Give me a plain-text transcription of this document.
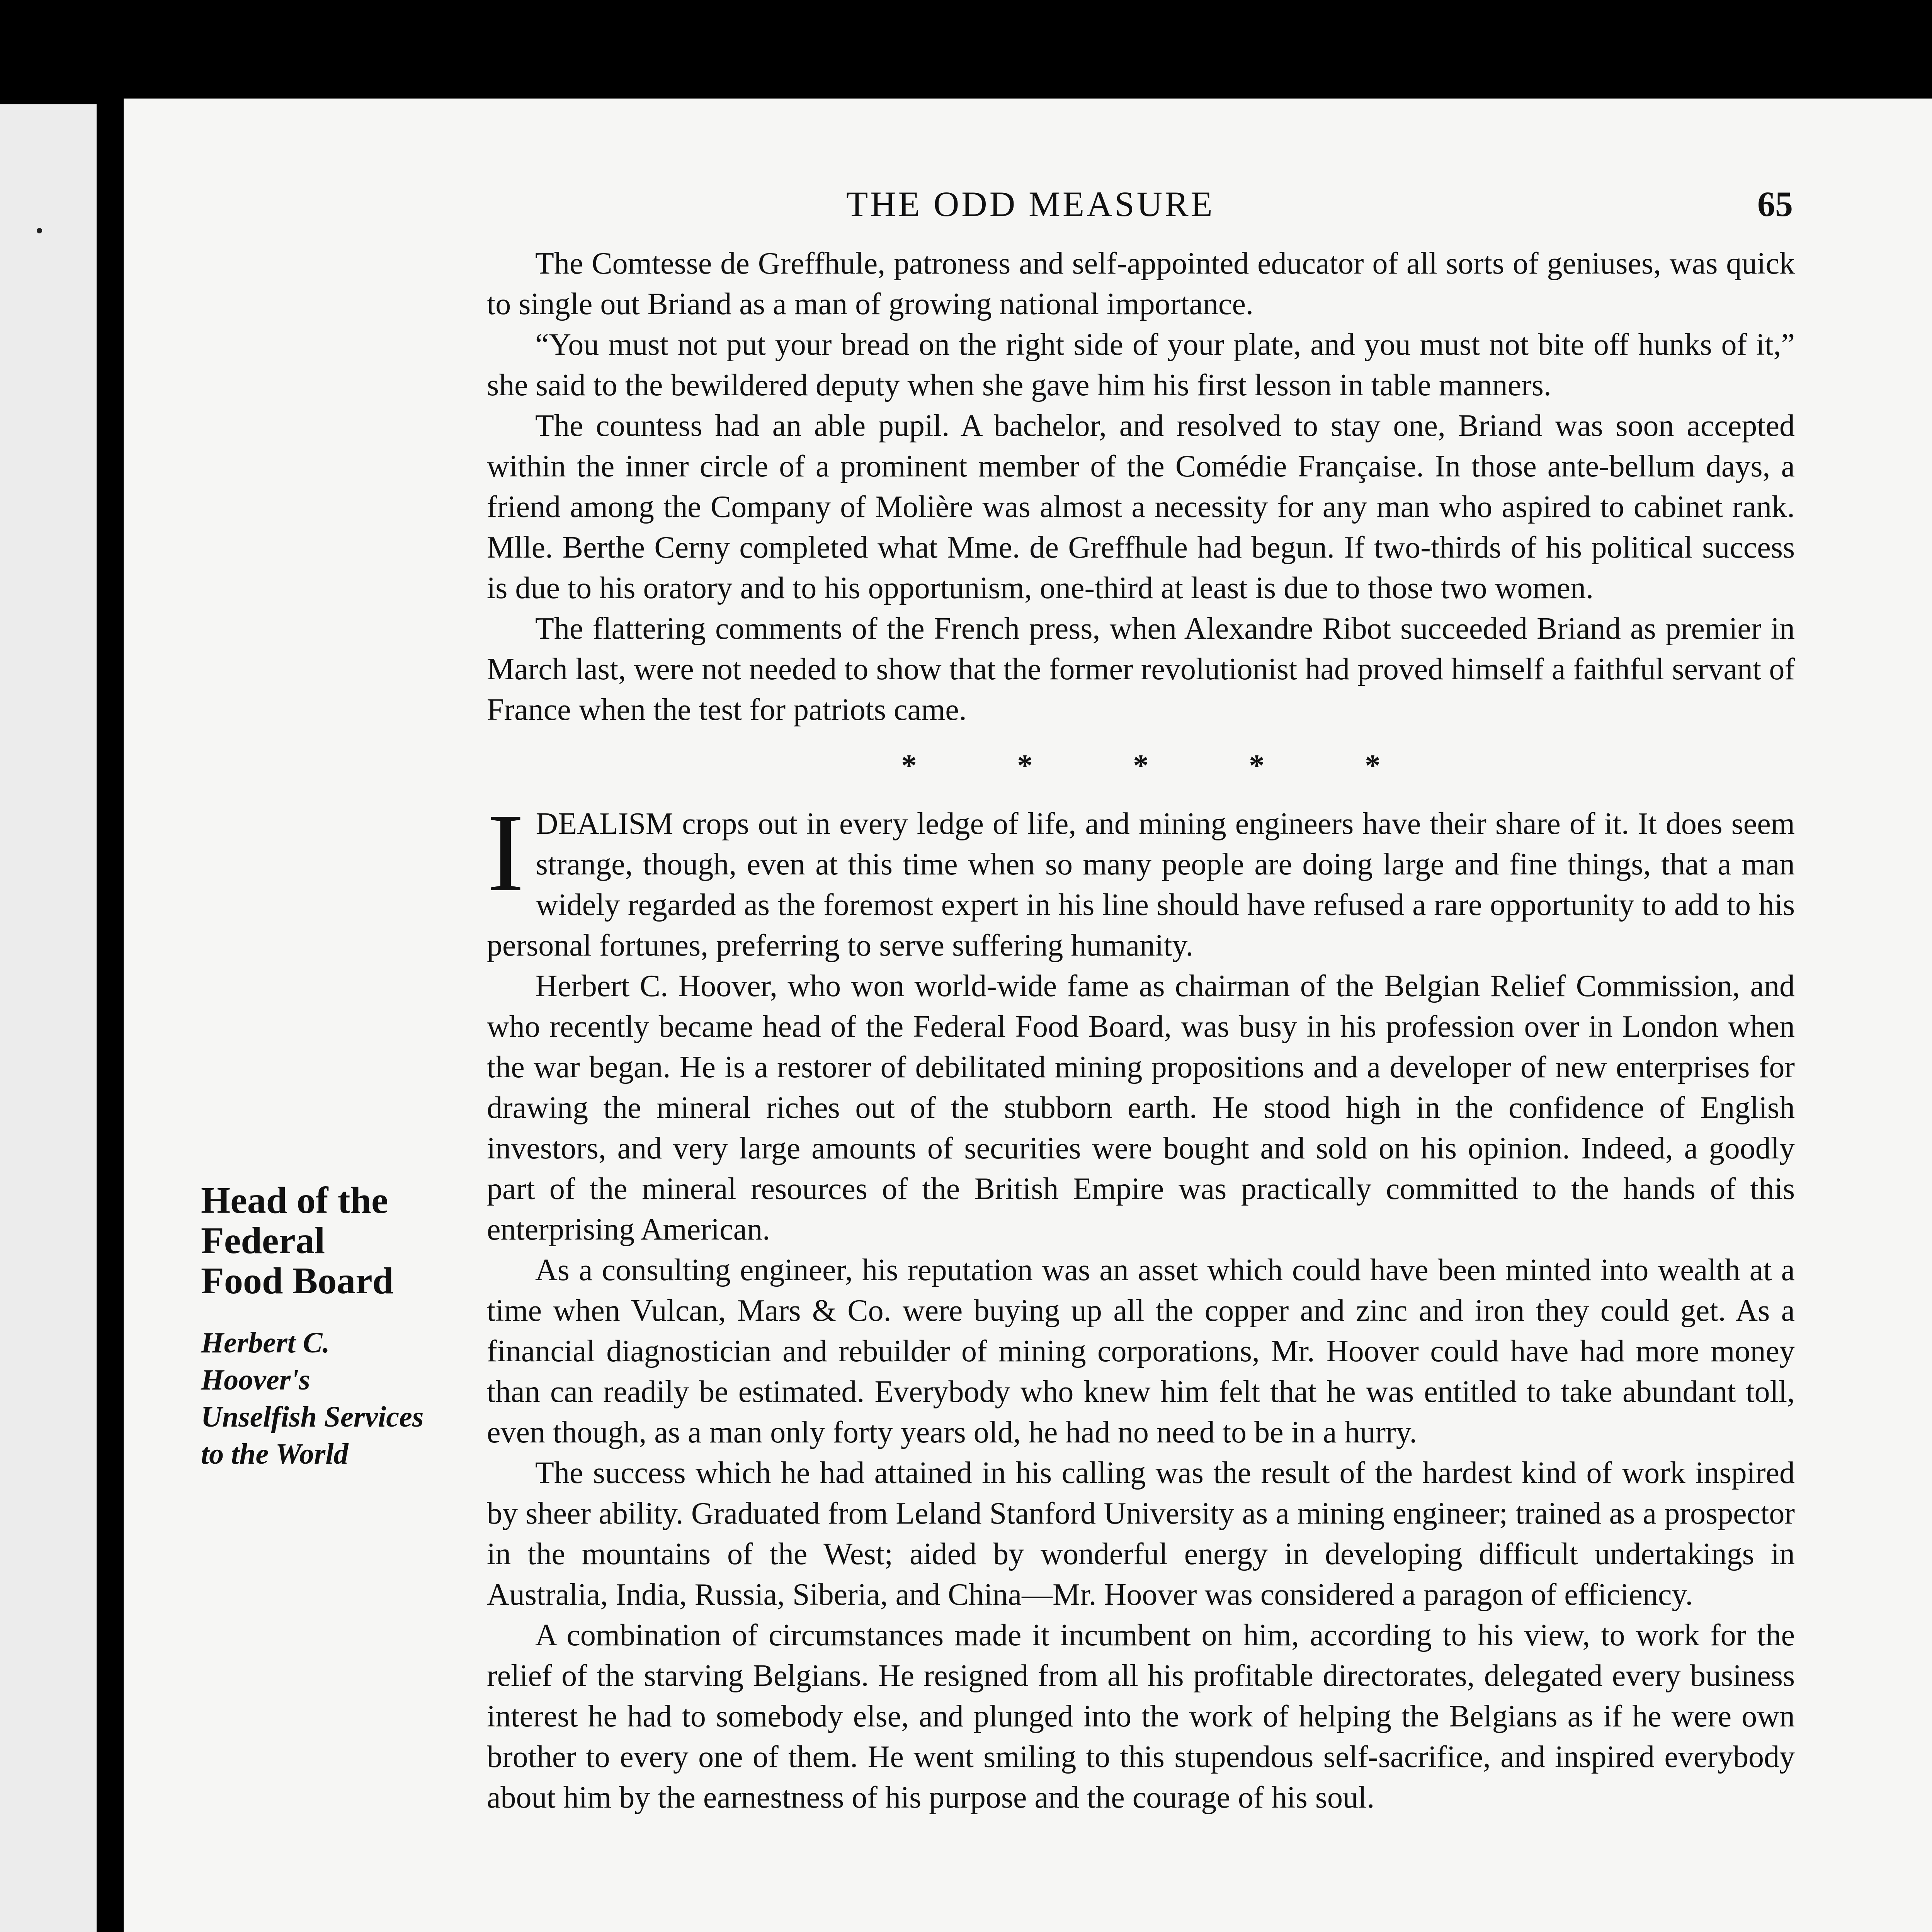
THE ODD MEASURE	65

The Comtesse de Greffhule, patroness and self-appointed educator of all sorts of geniuses, was quick to single out Briand as a man of growing national importance.

“You must not put your bread on the right side of your plate, and you must not bite off hunks of it,” she said to the bewildered deputy when she gave him his first lesson in table manners.

The countess had an able pupil. A bachelor, and resolved to stay one, Briand was soon accepted within the inner circle of a prominent member of the Comédie Française. In those ante-bellum days, a friend among the Company of Molière was almost a necessity for any man who aspired to cabinet rank. Mlle. Berthe Cerny completed what Mme. de Greffhule had begun. If two-thirds of his political success is due to his oratory and to his opportunism, one-third at least is due to those two women.

The flattering comments of the French press, when Alexandre Ribot succeeded Briand as premier in March last, were not needed to show that the former revolutionist had proved himself a faithful servant of France when the test for patriots came.

*	*	*	*	*

IDEALISM crops out in every ledge of life, and mining engineers have their share of it. It does seem strange, though, even at this time when so many people are doing large and fine things, that a man widely regarded as the foremost expert in his line should have refused a rare opportunity to add to his personal fortunes, preferring to serve suffering humanity.

Herbert C. Hoover, who won world-wide fame as chairman of the Belgian Relief Commission, and who recently became head of the Federal Food Board, was busy in his profession over in London when the war began. He is a restorer of debilitated mining propositions and a developer of new enterprises for drawing the mineral riches out of the stubborn earth. He stood high in the confidence of English investors, and very large amounts of securities were bought and sold on his opinion. Indeed, a goodly part of the mineral resources of the British Empire was practically committed to the hands of this enterprising American.

As a consulting engineer, his reputation was an asset which could have been minted into wealth at a time when Vulcan, Mars & Co. were buying up all the copper and zinc and iron they could get. As a financial diagnostician and rebuilder of mining corporations, Mr. Hoover could have had more money than can readily be estimated. Everybody who knew him felt that he was entitled to take abundant toll, even though, as a man only forty years old, he had no need to be in a hurry.

The success which he had attained in his calling was the result of the hardest kind of work inspired by sheer ability. Graduated from Leland Stanford University as a mining engineer; trained as a prospector in the mountains of the West; aided by wonderful energy in developing difficult undertakings in Australia, India, Russia, Siberia, and China—Mr. Hoover was considered a paragon of efficiency.

A combination of circumstances made it incumbent on him, according to his view, to work for the relief of the starving Belgians. He resigned from all his profitable directorates, delegated every business interest he had to somebody else, and plunged into the work of helping the Belgians as if he were own brother to every one of them. He went smiling to this stupendous self-sacrifice, and inspired everybody about him by the earnestness of his purpose and the courage of his soul.

Head of the
Federal
Food Board
Herbert C.
Hoover's
Unselfish Services
to the World
